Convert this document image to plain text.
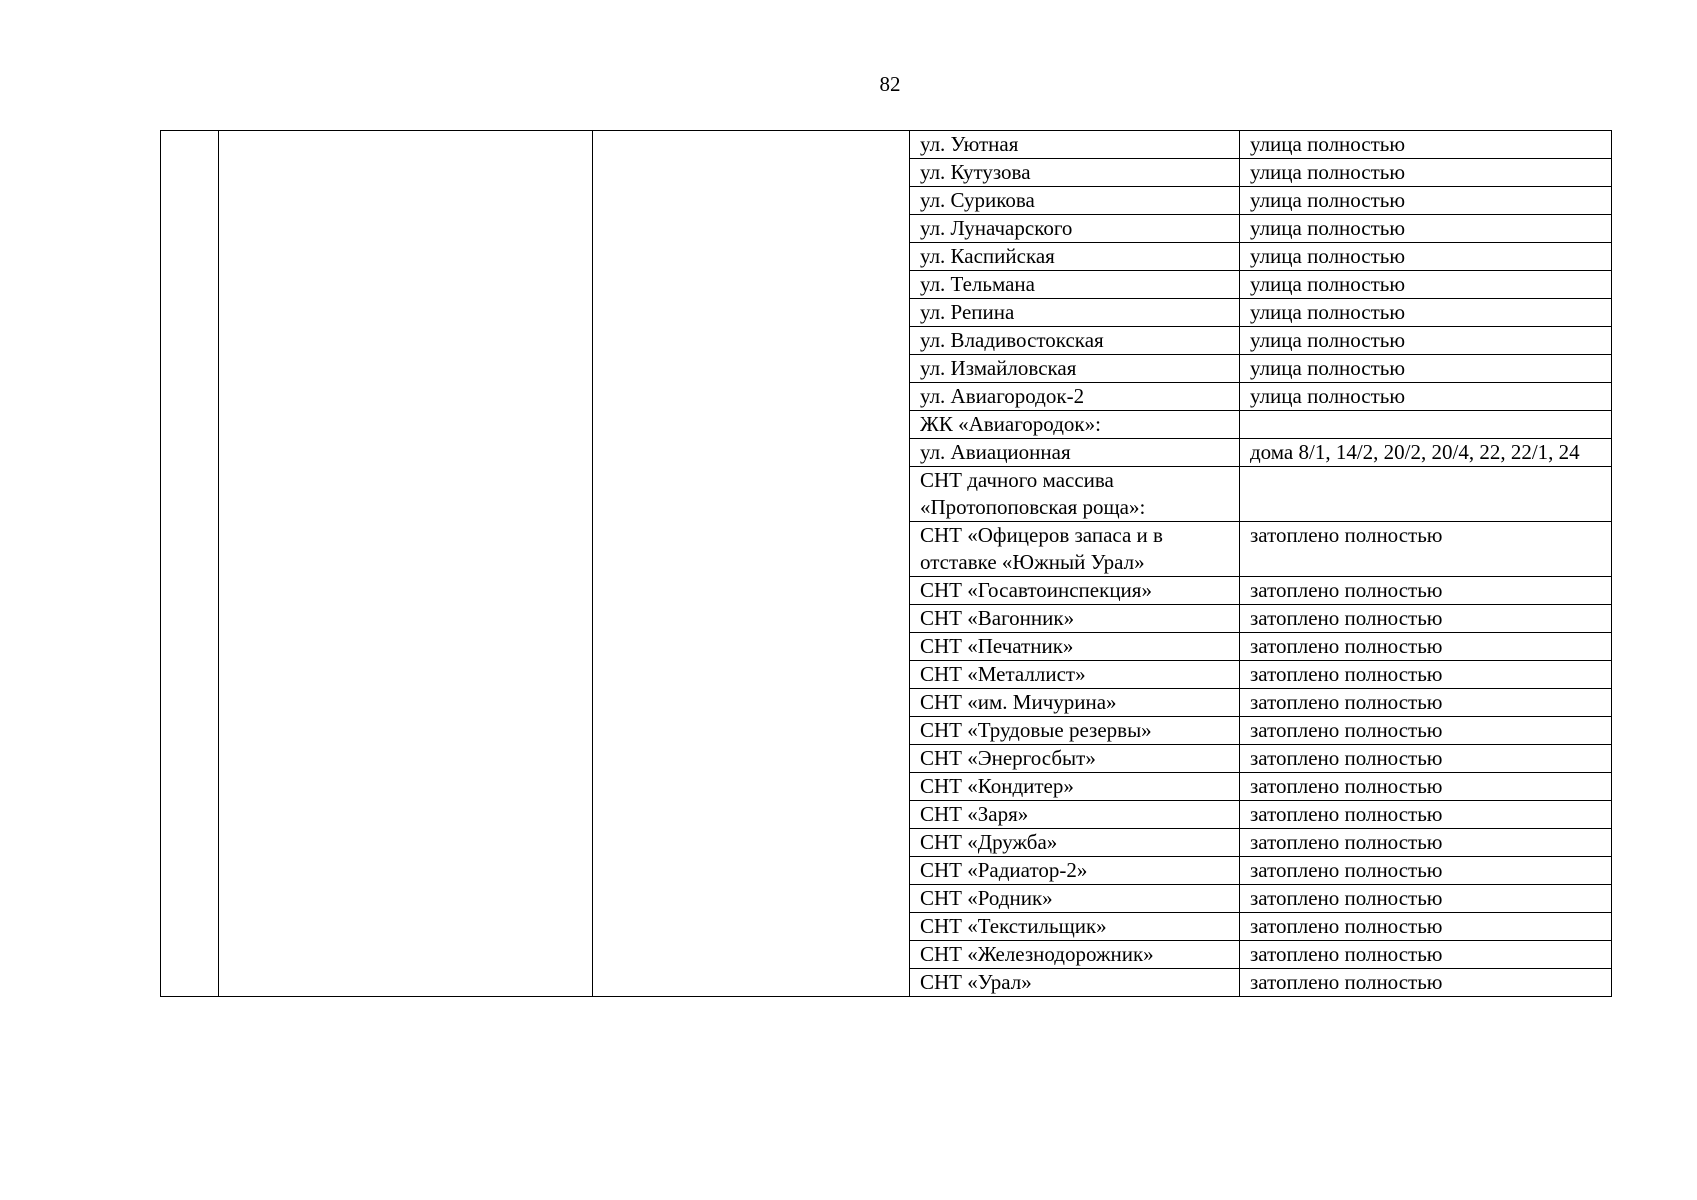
82
			ул. Уютная	улица полностью
			ул. Кутузова	улица полностью
			ул. Сурикова	улица полностью
			ул. Луначарского	улица полностью
			ул. Каспийская	улица полностью
			ул. Тельмана	улица полностью
			ул. Репина	улица полностью
			ул. Владивостокская	улица полностью
			ул. Измайловская	улица полностью
			ул. Авиагородок-2	улица полностью
			ЖК «Авиагородок»:	
			ул. Авиационная	дома 8/1, 14/2, 20/2, 20/4, 22, 22/1, 24
			СНТ дачного массива «Протопоповская роща»:	
			СНТ «Офицеров запаса и в отставке «Южный Урал»	затоплено полностью
			СНТ «Госавтоинспекция»	затоплено полностью
			СНТ «Вагонник»	затоплено полностью
			СНТ «Печатник»	затоплено полностью
			СНТ «Металлист»	затоплено полностью
			СНТ «им. Мичурина»	затоплено полностью
			СНТ «Трудовые резервы»	затоплено полностью
			СНТ «Энергосбыт»	затоплено полностью
			СНТ «Кондитер»	затоплено полностью
			СНТ «Заря»	затоплено полностью
			СНТ «Дружба»	затоплено полностью
			СНТ «Радиатор-2»	затоплено полностью
			СНТ «Родник»	затоплено полностью
			СНТ «Текстильщик»	затоплено полностью
			СНТ «Железнодорожник»	затоплено полностью
			СНТ «Урал»	затоплено полностью
